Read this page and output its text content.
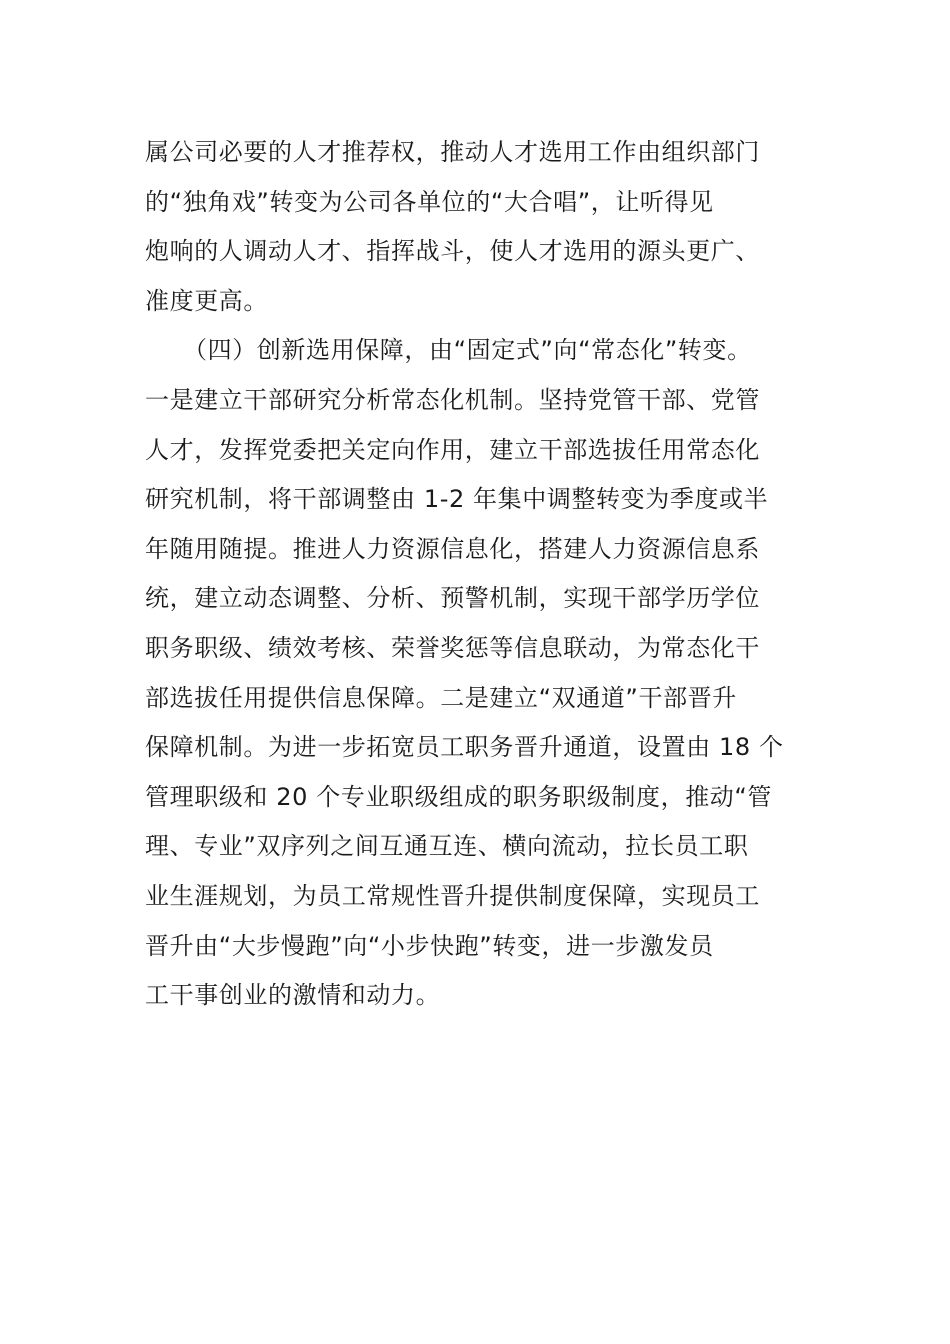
属公司必要的人才推荐权，推动人才选用工作由组织部门
的“独角戏”转变为公司各单位的“大合唱”，让听得见
炮响的人调动人才、指挥战斗，使人才选用的源头更广、
准度更高。
（四）创新选用保障，由“固定式”向“常态化”转变。
一是建立干部研究分析常态化机制。坚持党管干部、党管
人才，发挥党委把关定向作用，建立干部选拔任用常态化
研究机制，将干部调整由 1-2 年集中调整转变为季度或半
年随用随提。推进人力资源信息化，搭建人力资源信息系
统，建立动态调整、分析、预警机制，实现干部学历学位
职务职级、绩效考核、荣誉奖惩等信息联动，为常态化干
部选拔任用提供信息保障。二是建立“双通道”干部晋升
保障机制。为进一步拓宽员工职务晋升通道，设置由 18 个
管理职级和 20 个专业职级组成的职务职级制度，推动“管
理、专业”双序列之间互通互连、横向流动，拉长员工职
业生涯规划，为员工常规性晋升提供制度保障，实现员工
晋升由“大步慢跑”向“小步快跑”转变，进一步激发员
工干事创业的激情和动力。
